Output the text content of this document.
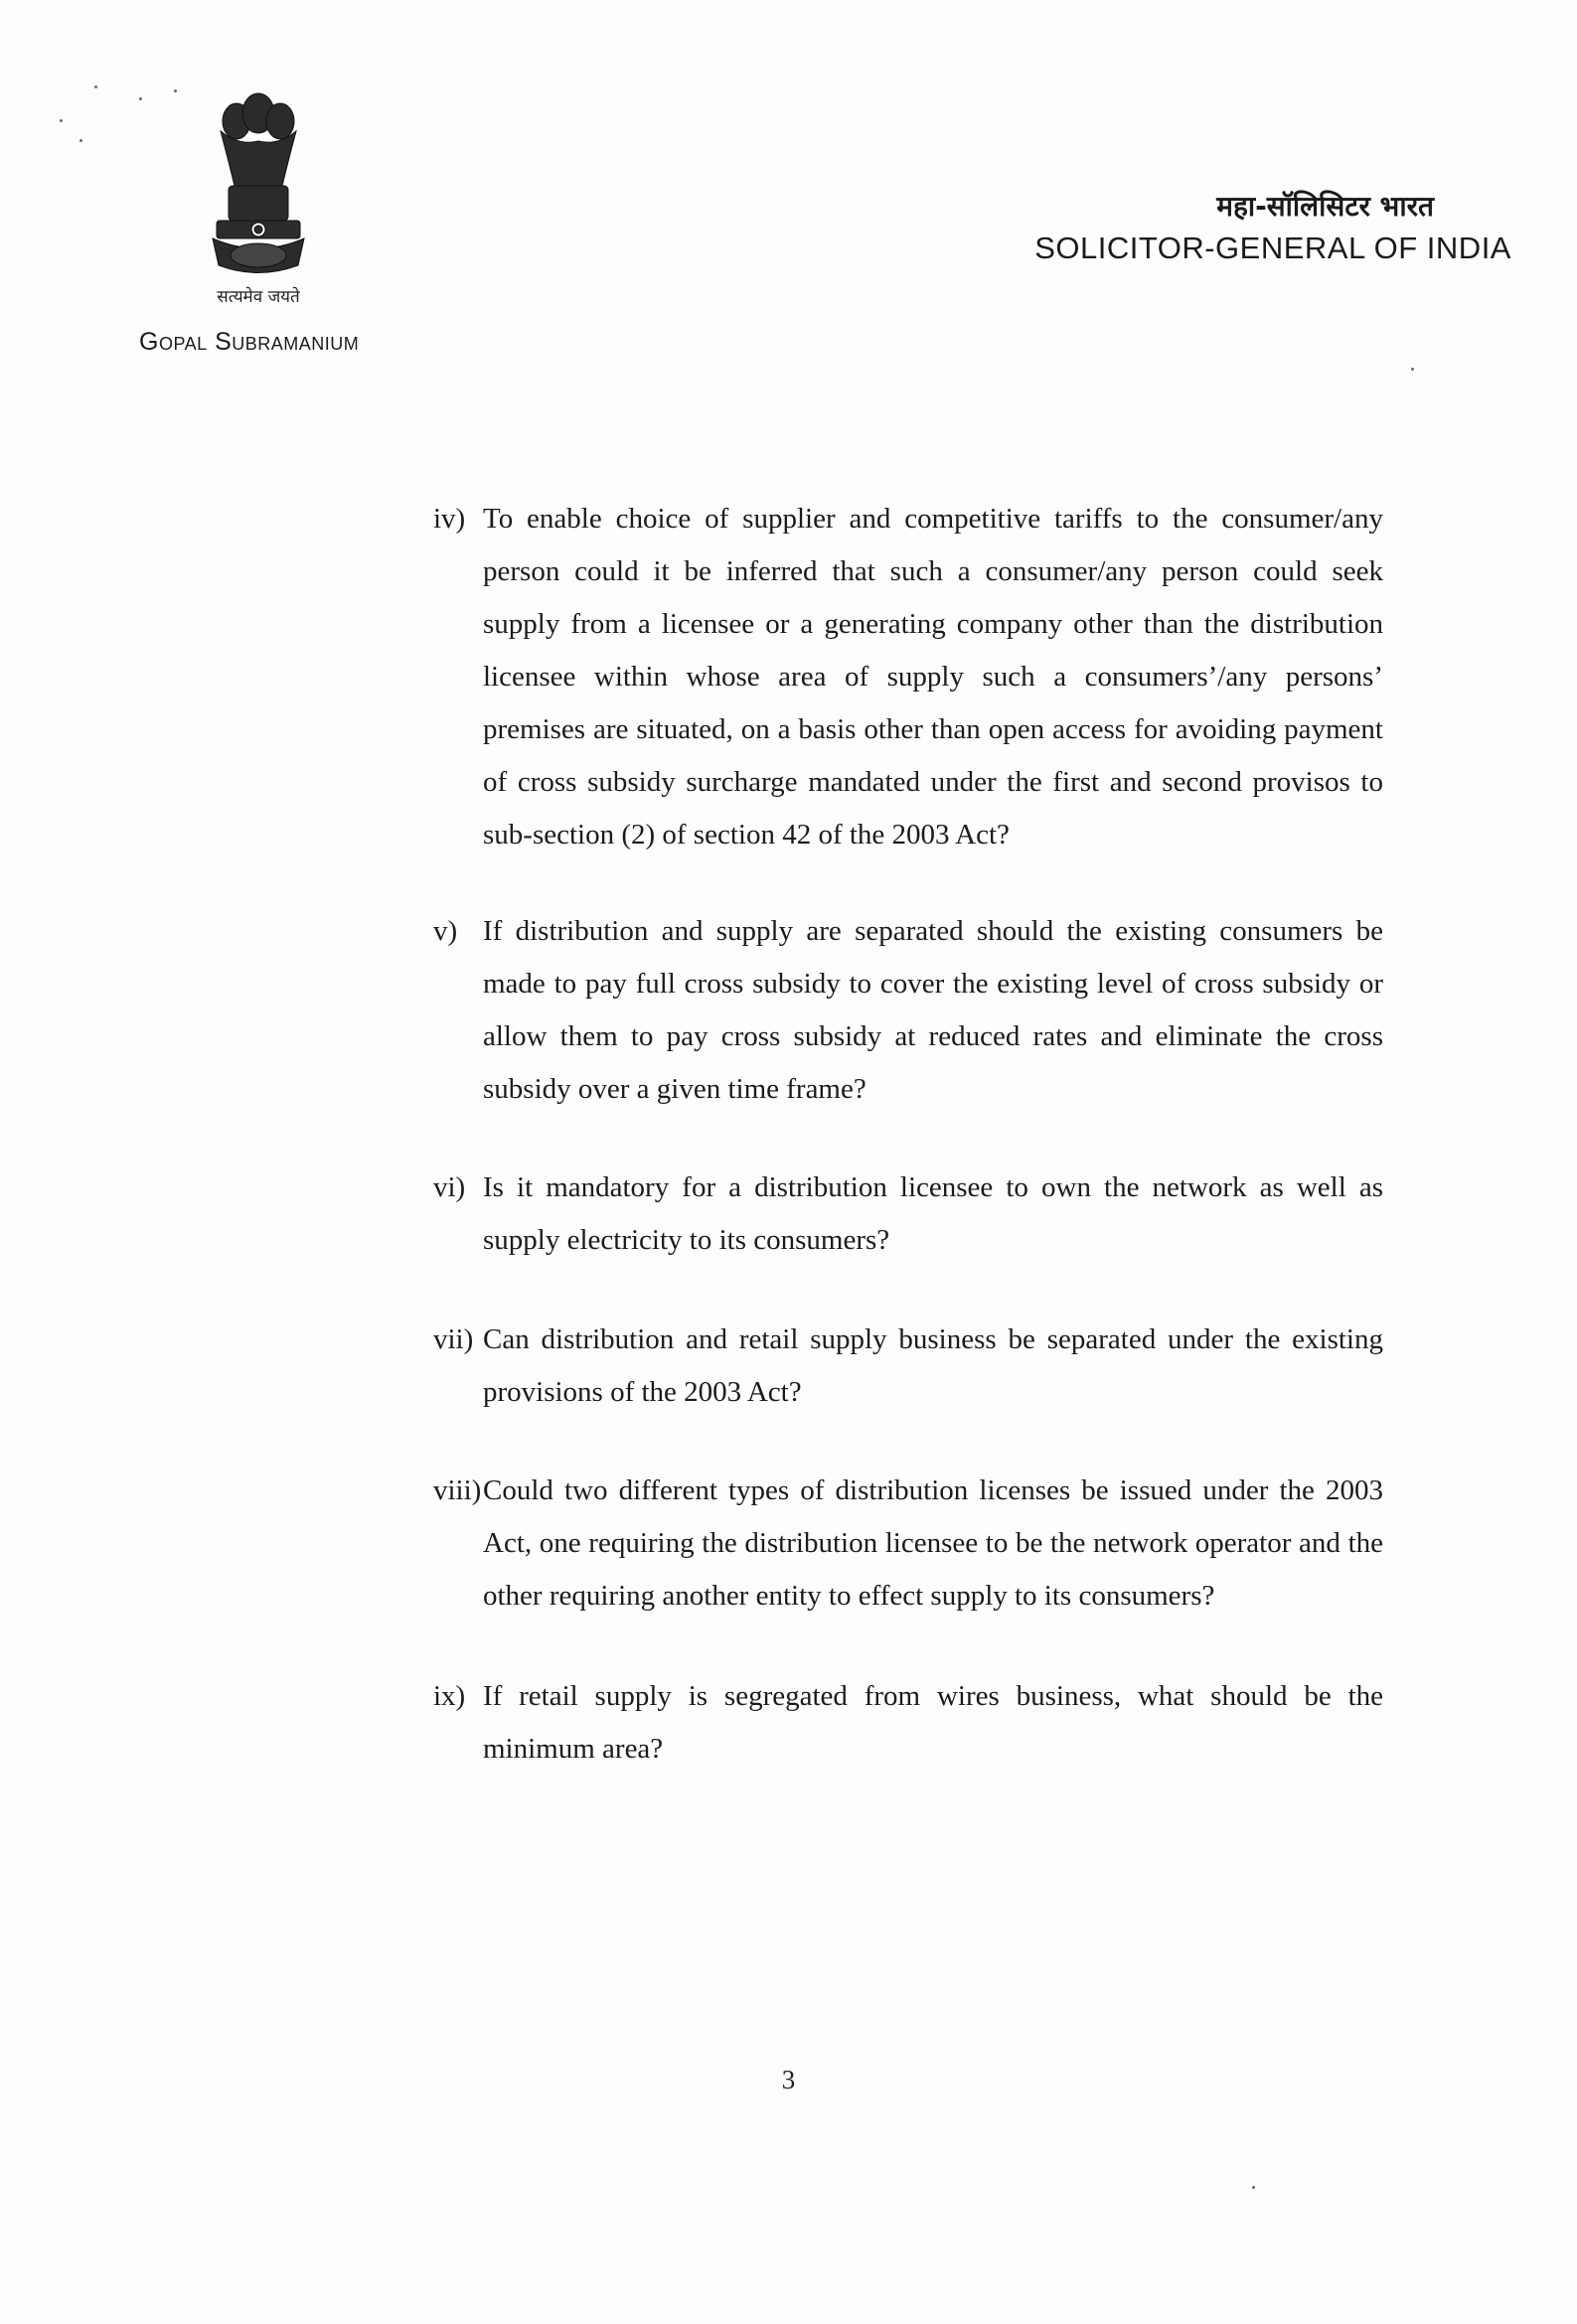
सत्यमेव जयते
Gopal Subramanium
महा-सॉलिसिटर भारत
SOLICITOR-GENERAL OF INDIA
iv) To enable choice of supplier and competitive tariffs to the consumer/any person could it be inferred that such a consumer/any person could seek supply from a licensee or a generating company other than the distribution licensee within whose area of supply such a consumers’/any persons’ premises are situated, on a basis other than open access for avoiding payment of cross subsidy surcharge mandated under the first and second provisos to sub-section (2) of section 42 of the 2003 Act?
v) If distribution and supply are separated should the existing consumers be made to pay full cross subsidy to cover the existing level of cross subsidy or allow them to pay cross subsidy at reduced rates and eliminate the cross subsidy over a given time frame?
vi) Is it mandatory for a distribution licensee to own the network as well as supply electricity to its consumers?
vii) Can distribution and retail supply business be separated under the existing provisions of the 2003 Act?
viii) Could two different types of distribution licenses be issued under the 2003 Act, one requiring the distribution licensee to be the network operator and the other requiring another entity to effect supply to its consumers?
ix) If retail supply is segregated from wires business, what should be the minimum area?
3
